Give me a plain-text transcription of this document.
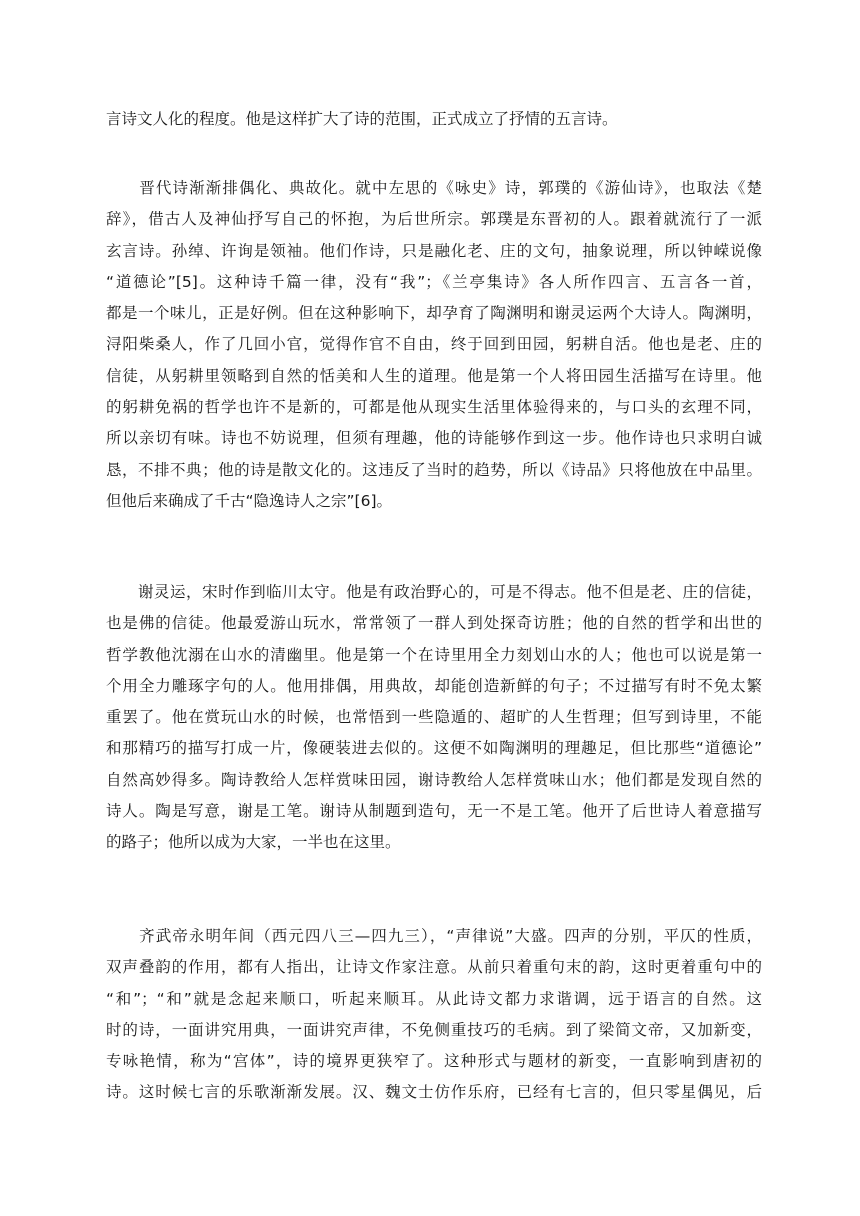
言诗文人化的程度。他是这样扩大了诗的范围，正式成立了抒情的五言诗。
　　晋代诗渐渐排偶化、典故化。就中左思的《咏史》诗，郭璞的《游仙诗》，也取法《楚
辞》，借古人及神仙抒写自己的怀抱，为后世所宗。郭璞是东晋初的人。跟着就流行了一派
玄言诗。孙绰、许询是领袖。他们作诗，只是融化老、庄的文句，抽象说理，所以钟嵘说像
“道德论”[5]。这种诗千篇一律，没有“我”；《兰亭集诗》各人所作四言、五言各一首，
都是一个味儿，正是好例。但在这种影响下，却孕育了陶渊明和谢灵运两个大诗人。陶渊明，
浔阳柴桑人，作了几回小官，觉得作官不自由，终于回到田园，躬耕自活。他也是老、庄的
信徒，从躬耕里领略到自然的恬美和人生的道理。他是第一个人将田园生活描写在诗里。他
的躬耕免祸的哲学也许不是新的，可都是他从现实生活里体验得来的，与口头的玄理不同，
所以亲切有味。诗也不妨说理，但须有理趣，他的诗能够作到这一步。他作诗也只求明白诚
恳，不排不典；他的诗是散文化的。这违反了当时的趋势，所以《诗品》只将他放在中品里。
但他后来确成了千古“隐逸诗人之宗”[6]。
　　谢灵运，宋时作到临川太守。他是有政治野心的，可是不得志。他不但是老、庄的信徒，
也是佛的信徒。他最爱游山玩水，常常领了一群人到处探奇访胜；他的自然的哲学和出世的
哲学教他沈溺在山水的清幽里。他是第一个在诗里用全力刻划山水的人；他也可以说是第一
个用全力雕琢字句的人。他用排偶，用典故，却能创造新鲜的句子；不过描写有时不免太繁
重罢了。他在赏玩山水的时候，也常悟到一些隐遁的、超旷的人生哲理；但写到诗里，不能
和那精巧的描写打成一片，像硬装进去似的。这便不如陶渊明的理趣足，但比那些“道德论”
自然高妙得多。陶诗教给人怎样赏味田园，谢诗教给人怎样赏味山水；他们都是发现自然的
诗人。陶是写意，谢是工笔。谢诗从制题到造句，无一不是工笔。他开了后世诗人着意描写
的路子；他所以成为大家，一半也在这里。
　　齐武帝永明年间（西元四八三—四九三），“声律说”大盛。四声的分别，平仄的性质，
双声叠韵的作用，都有人指出，让诗文作家注意。从前只着重句末的韵，这时更着重句中的
“和”；“和”就是念起来顺口，听起来顺耳。从此诗文都力求谐调，远于语言的自然。这
时的诗，一面讲究用典，一面讲究声律，不免侧重技巧的毛病。到了梁简文帝，又加新变，
专咏艳情，称为“宫体”，诗的境界更狭窄了。这种形式与题材的新变，一直影响到唐初的
诗。这时候七言的乐歌渐渐发展。汉、魏文士仿作乐府，已经有七言的，但只零星偶见，后
